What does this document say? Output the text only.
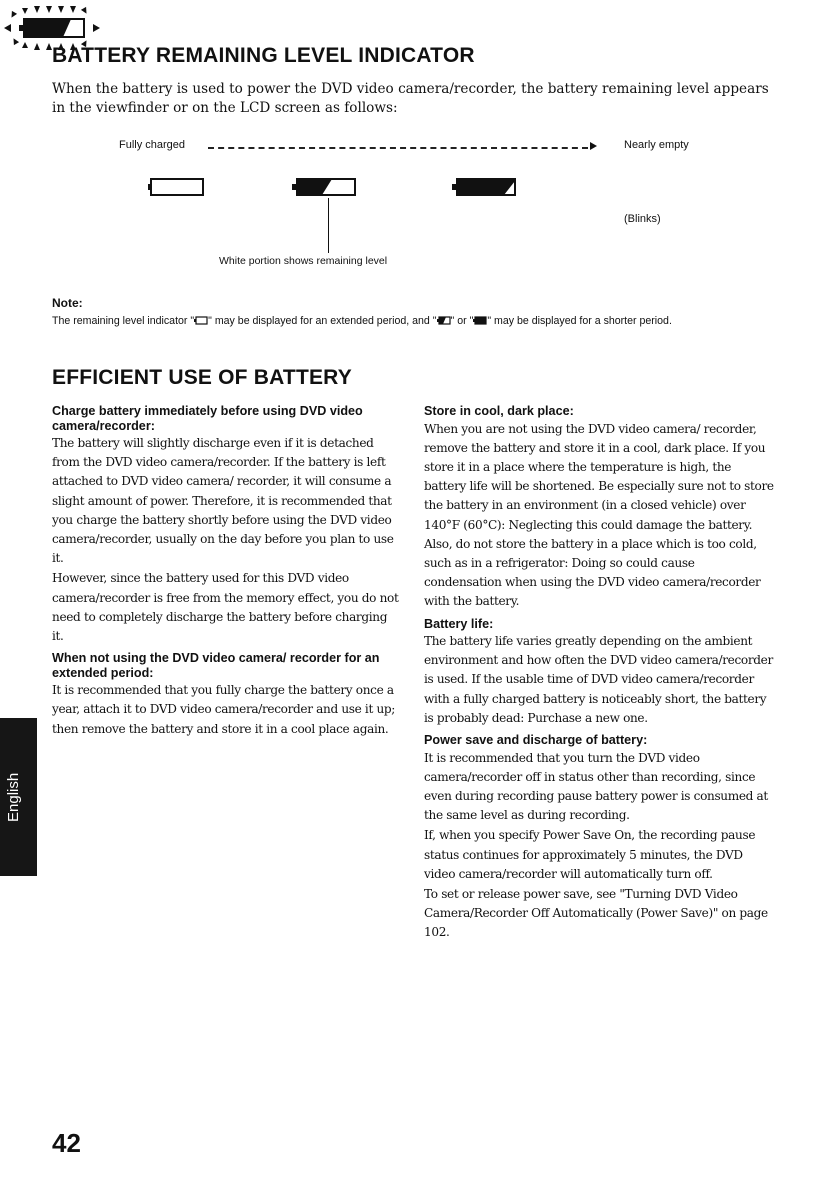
BATTERY REMAINING LEVEL INDICATOR
When the battery is used to power the DVD video camera/recorder, the battery remaining level appears in the viewfinder or on the LCD screen as follows:
Fully charged	Nearly empty
(Blinks)
White portion shows remaining level
Note:
The remaining level indicator " " may be displayed for an extended period, and " " or " " may be displayed for a shorter period.
EFFICIENT USE OF BATTERY
Charge battery immediately before using DVD video camera/recorder:

The battery will slightly discharge even if it is detached from the DVD video camera/recorder. If the battery is left attached to DVD video camera/ recorder, it will consume a slight amount of power. Therefore, it is recommended that you charge the battery shortly before using the DVD video camera/recorder, usually on the day before you plan to use it.

However, since the battery used for this DVD video camera/recorder is free from the memory effect, you do not need to completely discharge the battery before charging it.

When not using the DVD video camera/ recorder for an extended period:

It is recommended that you fully charge the battery once a year, attach it to DVD video camera/recorder and use it up; then remove the battery and store it in a cool place again.

Store in cool, dark place:

When you are not using the DVD video camera/ recorder, remove the battery and store it in a cool, dark place. If you store it in a place where the temperature is high, the battery life will be shortened. Be especially sure not to store the battery in an environment (in a closed vehicle) over 140°F (60°C): Neglecting this could damage the battery. Also, do not store the battery in a place which is too cold, such as in a refrigerator: Doing so could cause condensation when using the DVD video camera/recorder with the battery.

Battery life:

The battery life varies greatly depending on the ambient environment and how often the DVD video camera/recorder is used. If the usable time of DVD video camera/recorder with a fully charged battery is noticeably short, the battery is probably dead: Purchase a new one.

Power save and discharge of battery:

It is recommended that you turn the DVD video camera/recorder off in status other than recording, since even during recording pause battery power is consumed at the same level as during recording.

If, when you specify Power Save On, the recording pause status continues for approximately 5 minutes, the DVD video camera/recorder will automatically turn off.

To set or release power save, see "Turning DVD Video Camera/Recorder Off Automatically (Power Save)" on page 102.

English
42
